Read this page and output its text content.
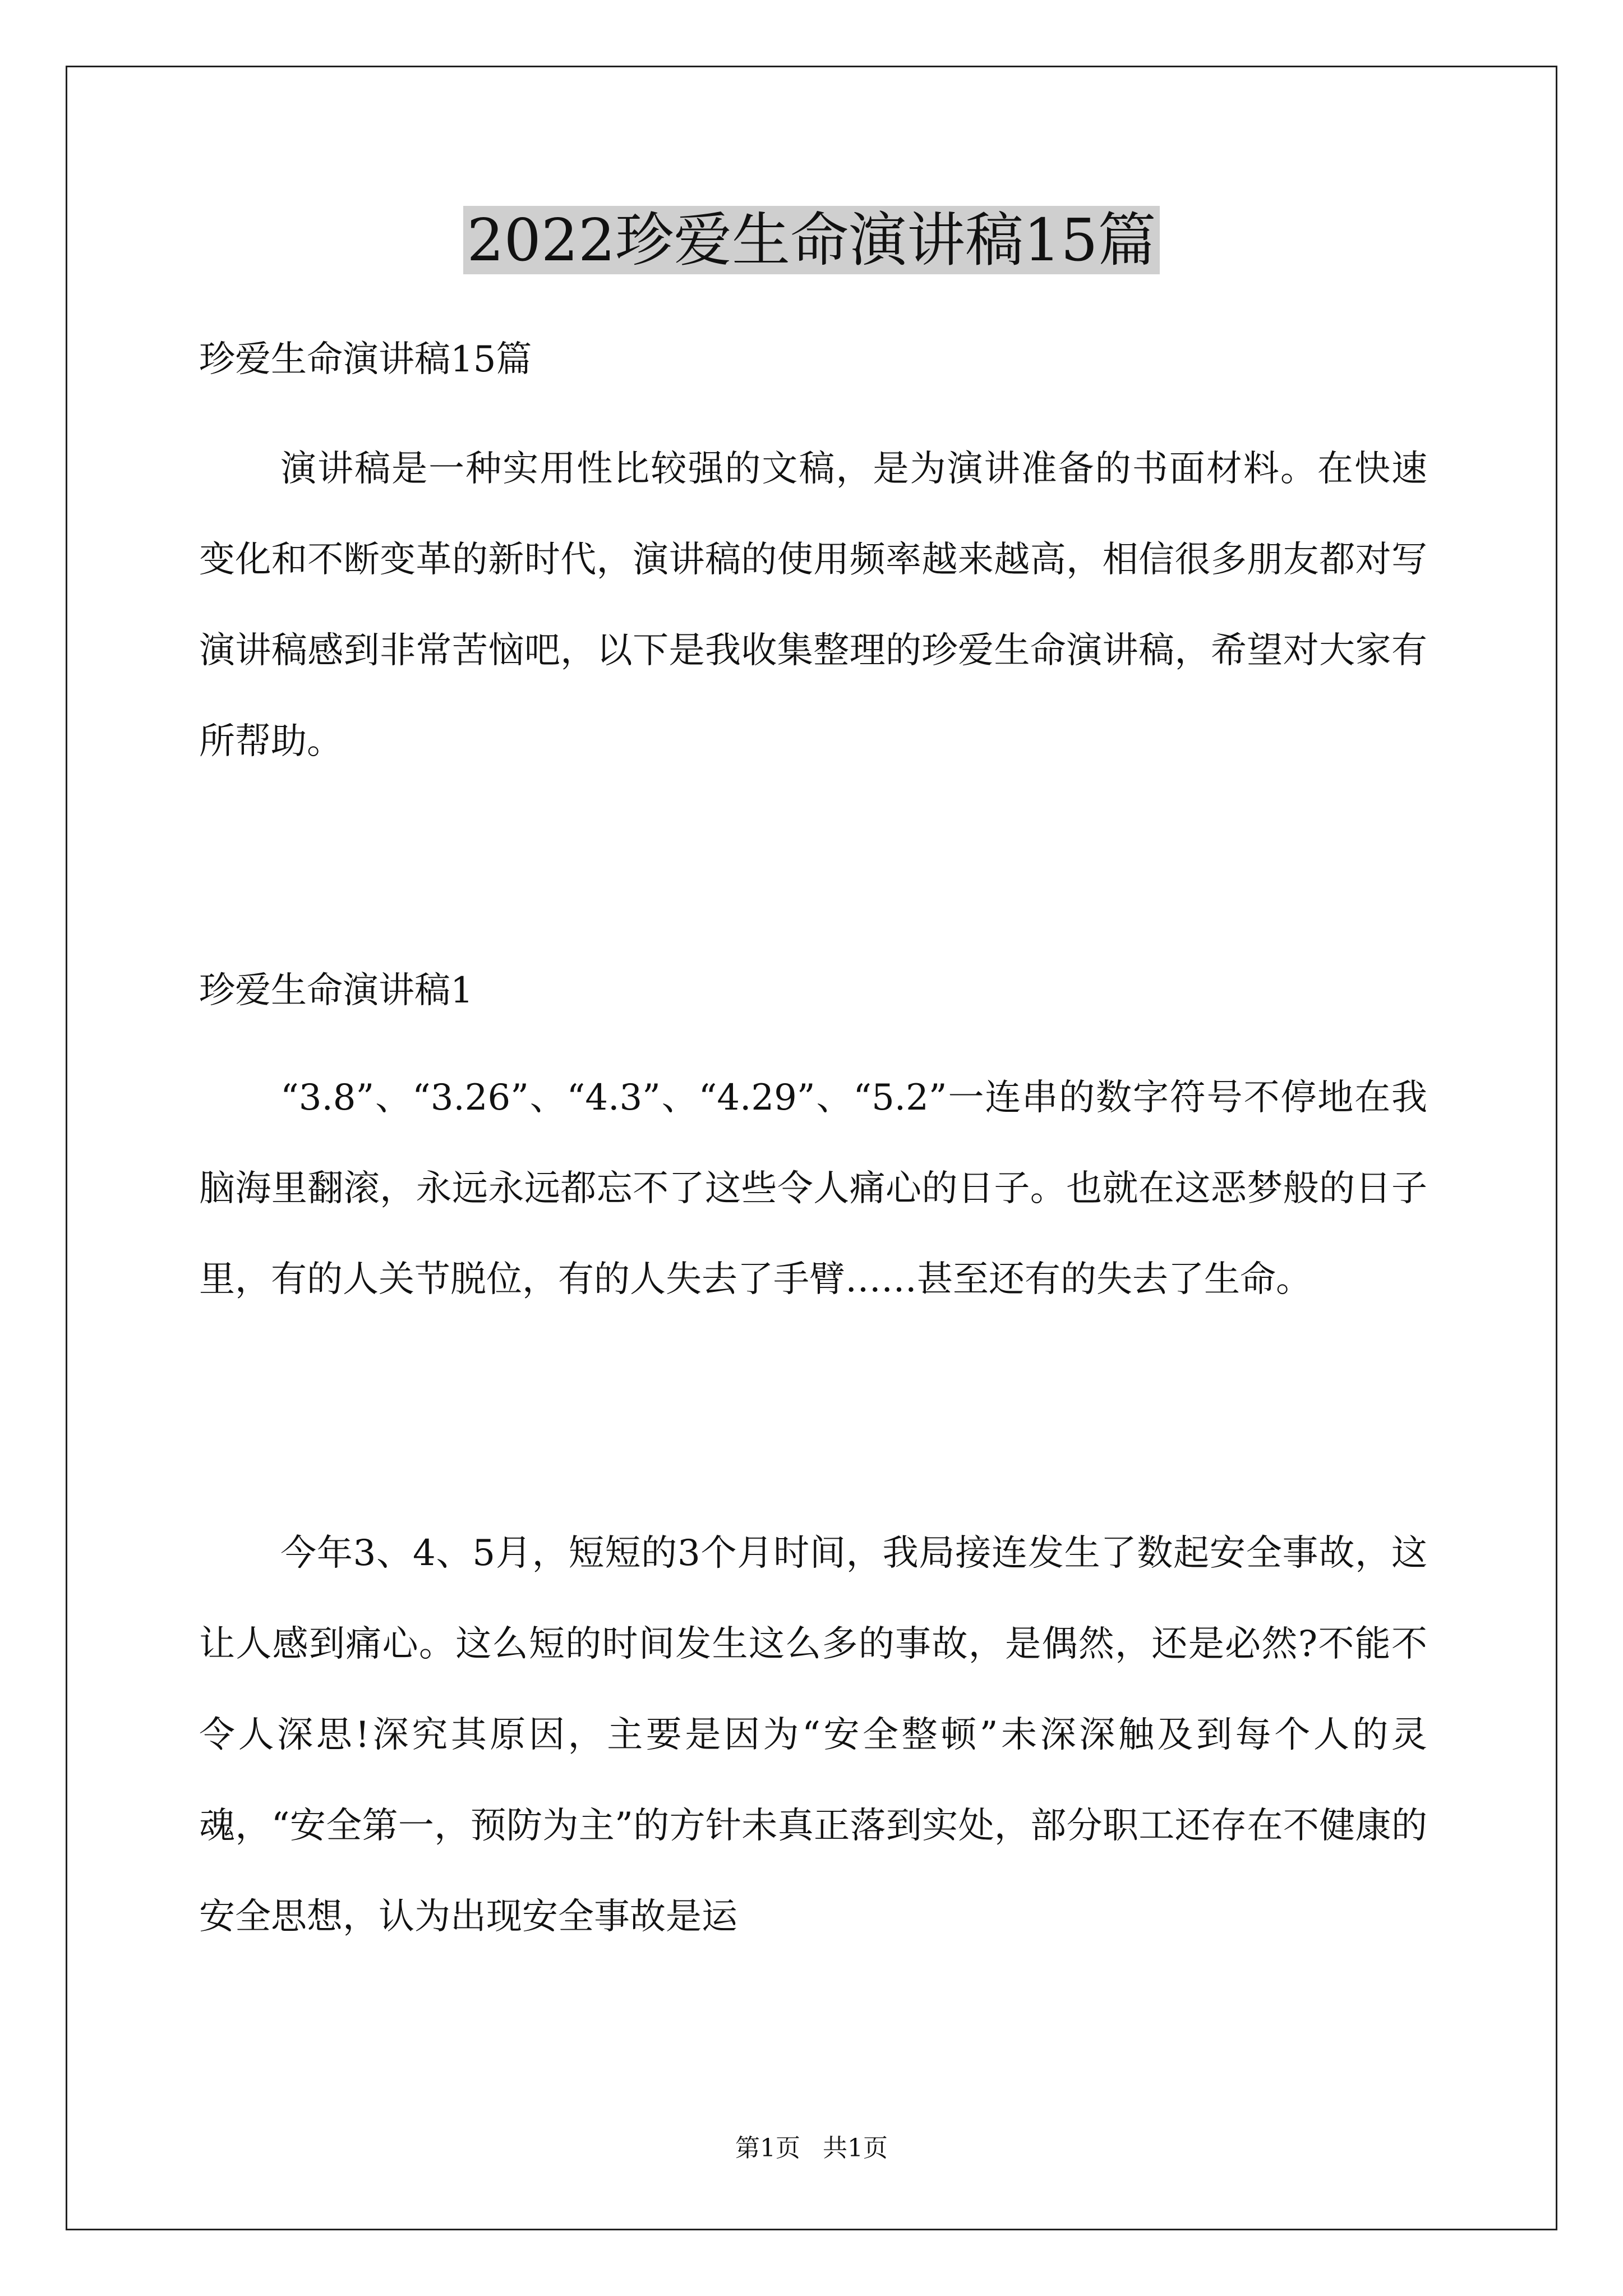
2022珍爱生命演讲稿15篇

珍爱生命演讲稿15篇

演讲稿是一种实用性比较强的文稿，是为演讲准备的书面材料。在快速变化和不断变革的新时代，演讲稿的使用频率越来越高，相信很多朋友都对写演讲稿感到非常苦恼吧，以下是我收集整理的珍爱生命演讲稿，希望对大家有所帮助。

珍爱生命演讲稿1

“3.8”、“3.26”、“4.3”、“4.29”、“5.2”一连串的数字符号不停地在我脑海里翻滚，永远永远都忘不了这些令人痛心的日子。也就在这恶梦般的日子里，有的人关节脱位，有的人失去了手臂……甚至还有的失去了生命。

今年3、4、5月，短短的3个月时间，我局接连发生了数起安全事故，这让人感到痛心。这么短的时间发生这么多的事故，是偶然，还是必然?不能不令人深思!深究其原因，主要是因为“安全整顿”未深深触及到每个人的灵魂，“安全第一，预防为主”的方针未真正落到实处，部分职工还存在不健康的安全思想，认为出现安全事故是运

第1页 共1页
